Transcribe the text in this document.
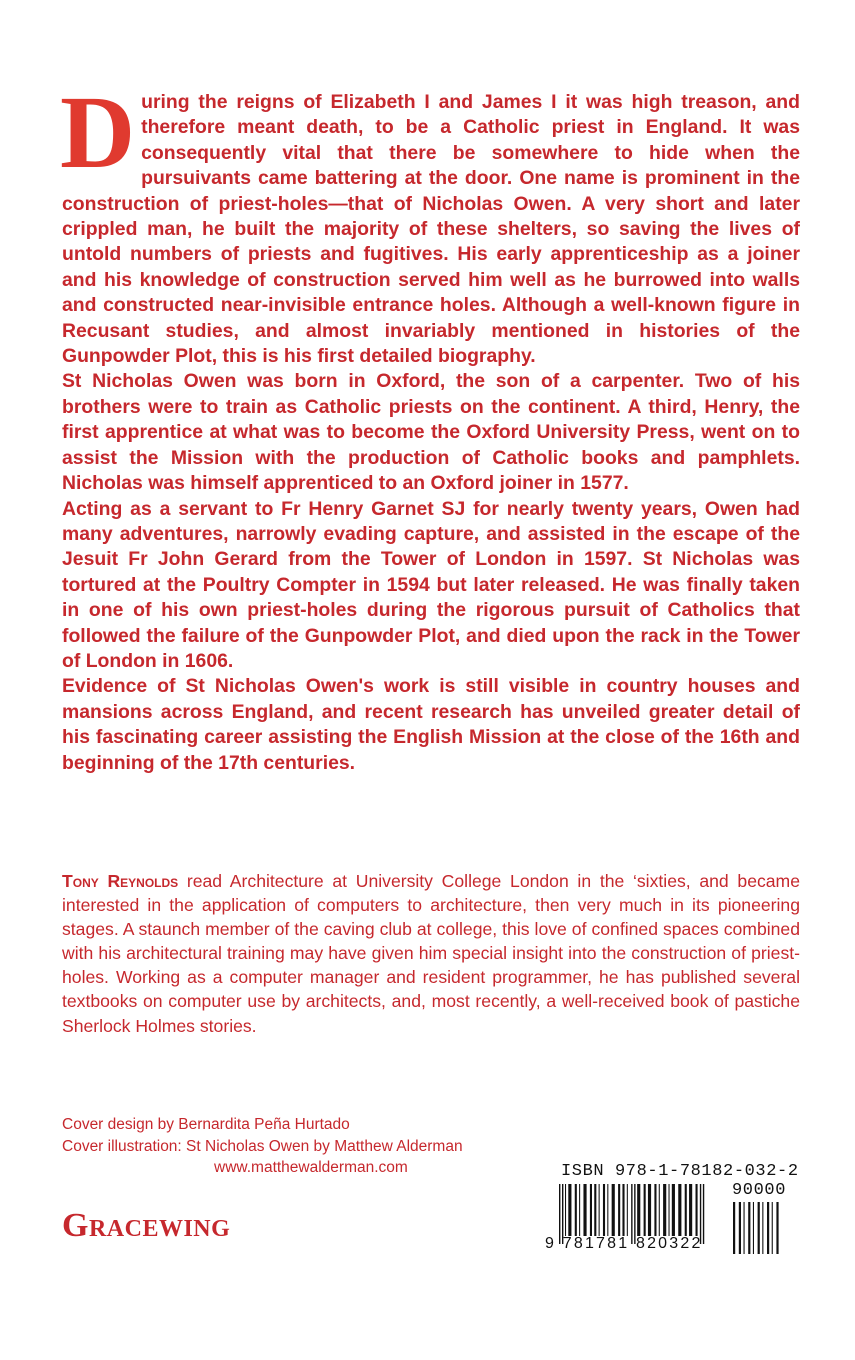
During the reigns of Elizabeth I and James I it was high treason, and therefore meant death, to be a Catholic priest in England. It was consequently vital that there be somewhere to hide when the pursuivants came battering at the door. One name is prominent in the construction of priest-holes—that of Nicholas Owen. A very short and later crippled man, he built the majority of these shelters, so saving the lives of untold numbers of priests and fugitives. His early apprenticeship as a joiner and his knowledge of construction served him well as he burrowed into walls and constructed near-invisible entrance holes. Although a well-known figure in Recusant studies, and almost invariably mentioned in histories of the Gunpowder Plot, this is his first detailed biography.

St Nicholas Owen was born in Oxford, the son of a carpenter. Two of his brothers were to train as Catholic priests on the continent. A third, Henry, the first apprentice at what was to become the Oxford University Press, went on to assist the Mission with the production of Catholic books and pamphlets. Nicholas was himself apprenticed to an Oxford joiner in 1577.

Acting as a servant to Fr Henry Garnet SJ for nearly twenty years, Owen had many adventures, narrowly evading capture, and assisted in the escape of the Jesuit Fr John Gerard from the Tower of London in 1597. St Nicholas was tortured at the Poultry Compter in 1594 but later released. He was finally taken in one of his own priest-holes during the rigorous pursuit of Catholics that followed the failure of the Gunpowder Plot, and died upon the rack in the Tower of London in 1606.

Evidence of St Nicholas Owen's work is still visible in country houses and mansions across England, and recent research has unveiled greater detail of his fascinating career assisting the English Mission at the close of the 16th and beginning of the 17th centuries.

Tony Reynolds read Architecture at University College London in the ‘sixties, and became interested in the application of computers to architecture, then very much in its pioneering stages. A staunch member of the caving club at college, this love of confined spaces combined with his architectural training may have given him special insight into the construction of priest-holes. Working as a computer manager and resident programmer, he has published several textbooks on computer use by architects, and, most recently, a well-received book of pastiche Sherlock Holmes stories.

Cover design by Bernardita Peña Hurtado
Cover illustration: St Nicholas Owen by Matthew Alderman
www.matthewalderman.com
Gracewing
ISBN 978-1-78182-032-2
90000
9 781781 820322
